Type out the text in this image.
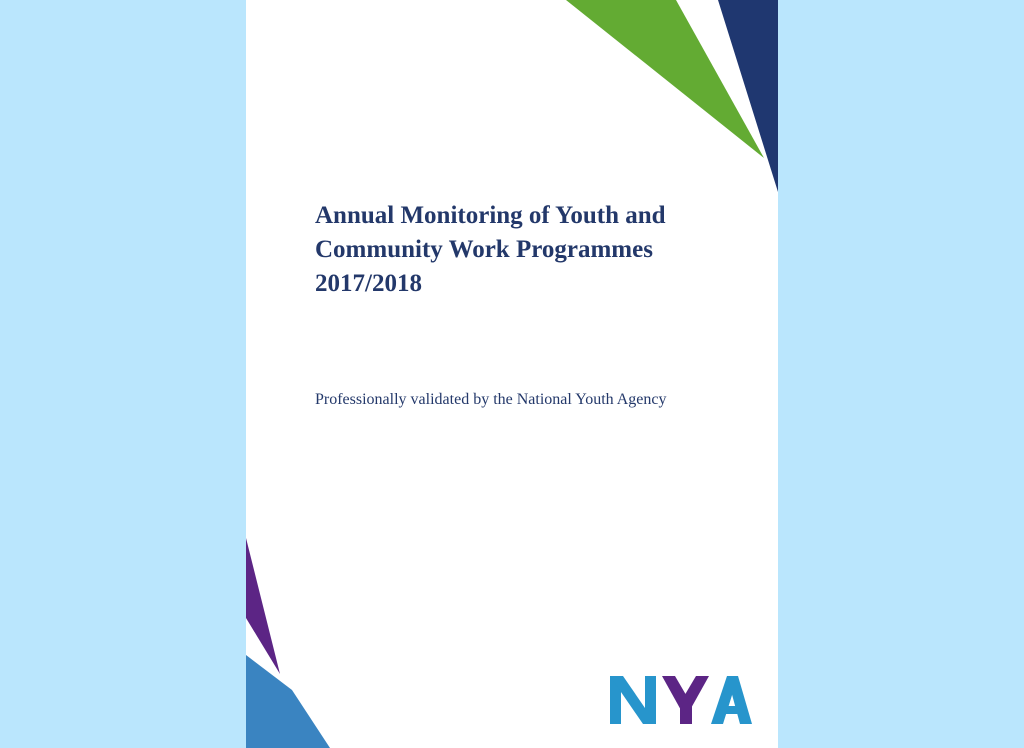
Annual Monitoring of Youth and
Community Work Programmes
2017/2018

Professionally validated by the National Youth Agency
